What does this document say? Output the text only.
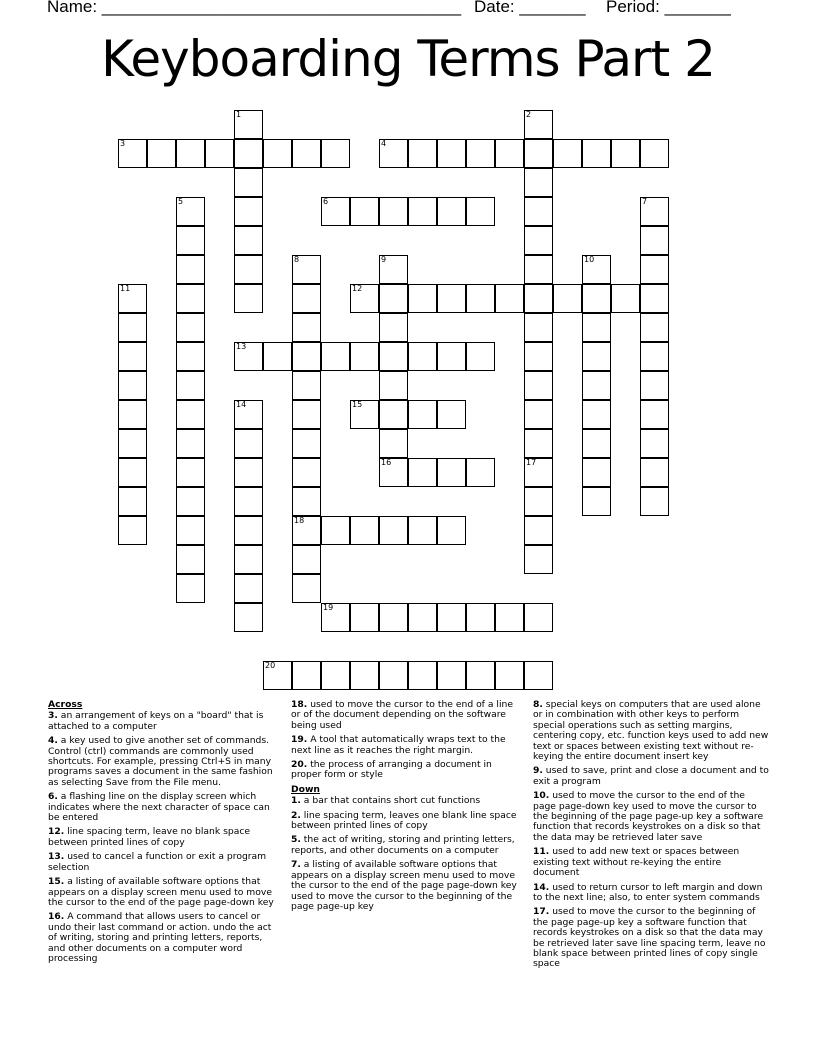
Name: ______________________________________ Date: _______ Period: _______
Keyboarding Terms Part 2
1	2
3	4
5	6	7
8	9	10
11	12
13
14	15
16	17
18
19
20
Across
3. an arrangement of keys on a "board" that is attached to a computer
4. a key used to give another set of commands. Control (ctrl) commands are commonly used shortcuts. For example, pressing Ctrl+S in many programs saves a document in the same fashion as selecting Save from the File menu.
6. a flashing line on the display screen which indicates where the next character of space can be entered
12. line spacing term, leave no blank space between printed lines of copy
13. used to cancel a function or exit a program selection
15. a listing of available software options that appears on a display screen menu used to move the cursor to the end of the page page-down key
16. A command that allows users to cancel or undo their last command or action. undo the act of writing, storing and printing letters, reports, and other documents on a computer word processing
18. used to move the cursor to the end of a line or of the document depending on the software being used
19. A tool that automatically wraps text to the next line as it reaches the right margin.
20. the process of arranging a document in proper form or style
Down
1. a bar that contains short cut functions
2. line spacing term, leaves one blank line space between printed lines of copy
5. the act of writing, storing and printing letters, reports, and other documents on a computer
7. a listing of available software options that appears on a display screen menu used to move the cursor to the end of the page page-down key used to move the cursor to the beginning of the page page-up key
8. special keys on computers that are used alone or in combination with other keys to perform special operations such as setting margins, centering copy, etc. function keys used to add new text or spaces between existing text without re-keying the entire document insert key
9. used to save, print and close a document and to exit a program
10. used to move the cursor to the end of the page page-down key used to move the cursor to the beginning of the page page-up key a software function that records keystrokes on a disk so that the data may be retrieved later save
11. used to add new text or spaces between existing text without re-keying the entire document
14. used to return cursor to left margin and down to the next line; also, to enter system commands
17. used to move the cursor to the beginning of the page page-up key a software function that records keystrokes on a disk so that the data may be retrieved later save line spacing term, leave no blank space between printed lines of copy single space
